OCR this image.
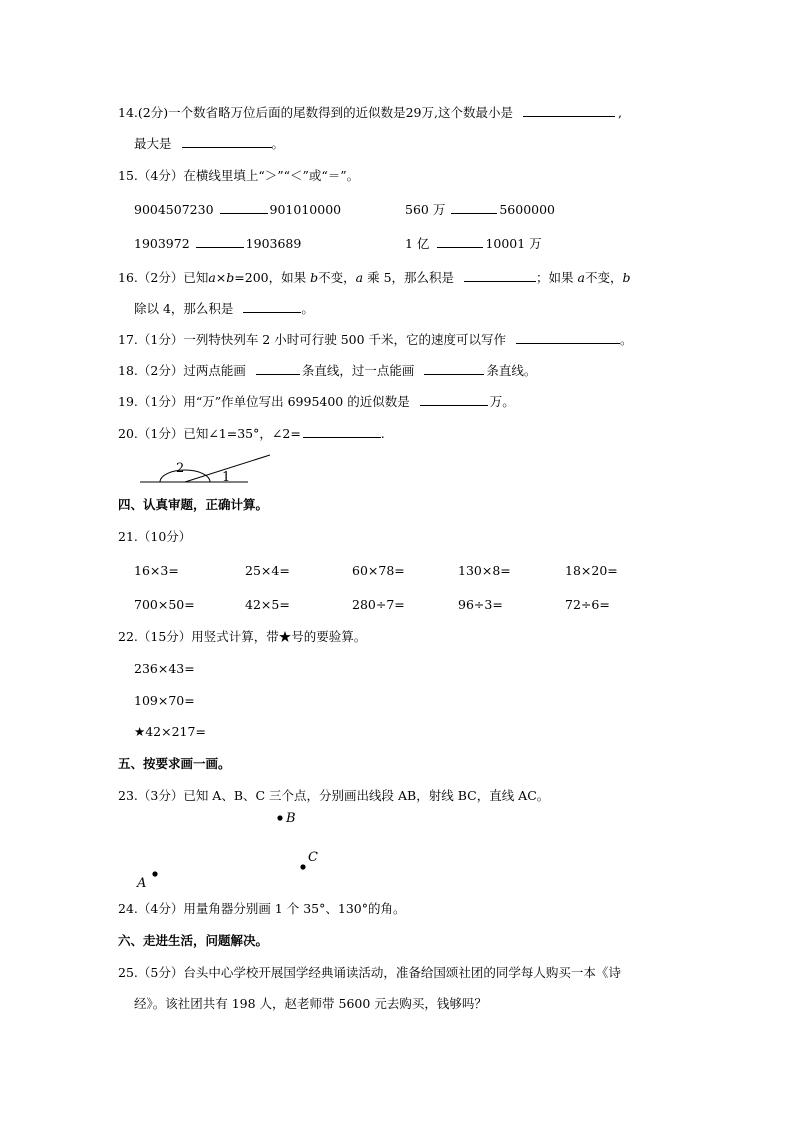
14.(2分)一个数省略万位后面的尾数得到的近似数是29万,这个数最小是	,
最大是	。
15.（4分）在横线里填上“＞”“＜”或“＝”。
9004507230	901010000	560 万	5600000
1903972	1903689	1 亿	10001 万
16.（2分）已知a×b=200，如果 b不变，a 乘 5，那么积是	；如果 a不变，b
除以 4，那么积是	。
17.（1分）一列特快列车 2 小时可行驶 500 千米，它的速度可以写作	。
18.（2分）过两点能画	条直线，过一点能画	条直线。
19.（1分）用“万”作单位写出 6995400 的近似数是	万。
20.（1分）已知∠1=35°，∠2=	.
2
1
四、认真审题，正确计算。
21.（10分）
16×3=	25×4=	60×78=	130×8=	18×20=
700×50=	42×5=	280÷7=	96÷3=	72÷6=
22.（15分）用竖式计算，带★号的要验算。
236×43=
109×70=
★42×217=
五、按要求画一画。
23.（3分）已知 A、B、C 三个点，分别画出线段 AB，射线 BC，直线 AC。
B
C
A
24.（4分）用量角器分别画 1 个 35°、130°的角。
六、走进生活，问题解决。
25.（5分）台头中心学校开展国学经典诵读活动，准备给国颂社团的同学每人购买一本《诗
经》。该社团共有 198 人，赵老师带 5600 元去购买，钱够吗？
